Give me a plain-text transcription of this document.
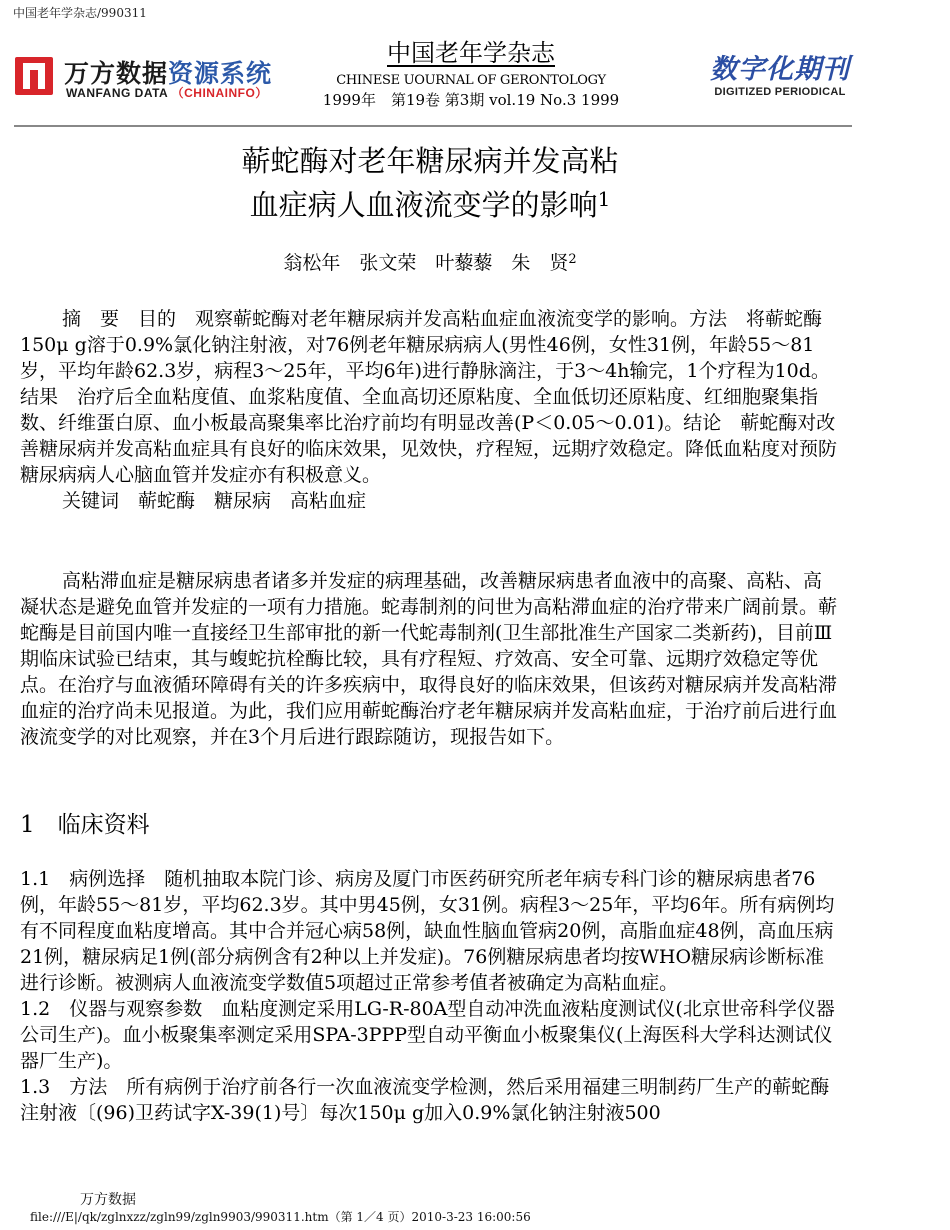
中国老年学杂志/990311
万方数据资源系统
WANFANG DATA （CHINAINFO）
中国老年学杂志
CHINESE UOURNAL OF GERONTOLOGY
1999年　第19卷 第3期 vol.19 No.3 1999
数字化期刊
DIGITIZED PERIODICAL
蕲蛇酶对老年糖尿病并发高粘
血症病人血液流变学的影响$^1$
翁松年　张文荣　叶藜藜　朱　贤$^2$

摘　要　目的　观察蕲蛇酶对老年糖尿病并发高粘血症血液流变学的影响。方法　将蕲蛇酶150μ g溶于0.9%氯化钠注射液，对76例老年糖尿病病人(男性46例，女性31例，年龄55～81岁，平均年龄62.3岁，病程3～25年，平均6年)进行静脉滴注，于3～4h输完，1个疗程为10d。结果　治疗后全血粘度值、血浆粘度值、全血高切还原粘度、全血低切还原粘度、红细胞聚集指数、纤维蛋白原、血小板最高聚集率比治疗前均有明显改善(P＜0.05～0.01)。结论　蕲蛇酶对改善糖尿病并发高粘血症具有良好的临床效果，见效快，疗程短，远期疗效稳定。降低血粘度对预防糖尿病病人心脑血管并发症亦有积极意义。

关键词　蕲蛇酶　糖尿病　高粘血症

高粘滞血症是糖尿病患者诸多并发症的病理基础，改善糖尿病患者血液中的高聚、高粘、高凝状态是避免血管并发症的一项有力措施。蛇毒制剂的问世为高粘滞血症的治疗带来广阔前景。蕲蛇酶是目前国内唯一直接经卫生部审批的新一代蛇毒制剂(卫生部批准生产国家二类新药)，目前Ⅲ期临床试验已结束，其与蝮蛇抗栓酶比较，具有疗程短、疗效高、安全可靠、远期疗效稳定等优点。在治疗与血液循环障碍有关的许多疾病中，取得良好的临床效果，但该药对糖尿病并发高粘滞血症的治疗尚未见报道。为此，我们应用蕲蛇酶治疗老年糖尿病并发高粘血症，于治疗前后进行血液流变学的对比观察，并在3个月后进行跟踪随访，现报告如下。

1　临床资料

1.1　病例选择　随机抽取本院门诊、病房及厦门市医药研究所老年病专科门诊的糖尿病患者76例，年龄55～81岁，平均62.3岁。其中男45例，女31例。病程3～25年，平均6年。所有病例均有不同程度血粘度增高。其中合并冠心病58例，缺血性脑血管病20例，高脂血症48例，高血压病21例，糖尿病足1例(部分病例含有2种以上并发症)。76例糖尿病患者均按WHO糖尿病诊断标准进行诊断。被测病人血液流变学数值5项超过正常参考值者被确定为高粘血症。

1.2　仪器与观察参数　血粘度测定采用LG-R-80A型自动冲洗血液粘度测试仪(北京世帝科学仪器公司生产)。血小板聚集率测定采用SPA-3PPP型自动平衡血小板聚集仪(上海医科大学科达测试仪器厂生产)。

1.3　方法　所有病例于治疗前各行一次血液流变学检测，然后采用福建三明制药厂生产的蕲蛇酶注射液〔(96)卫药试字X-39(1)号〕每次150μ g加入0.9%氯化钠注射液500

万方数据
file:///E|/qk/zglnxzz/zgln99/zgln9903/990311.htm（第 1／4 页）2010-3-23 16:00:56
